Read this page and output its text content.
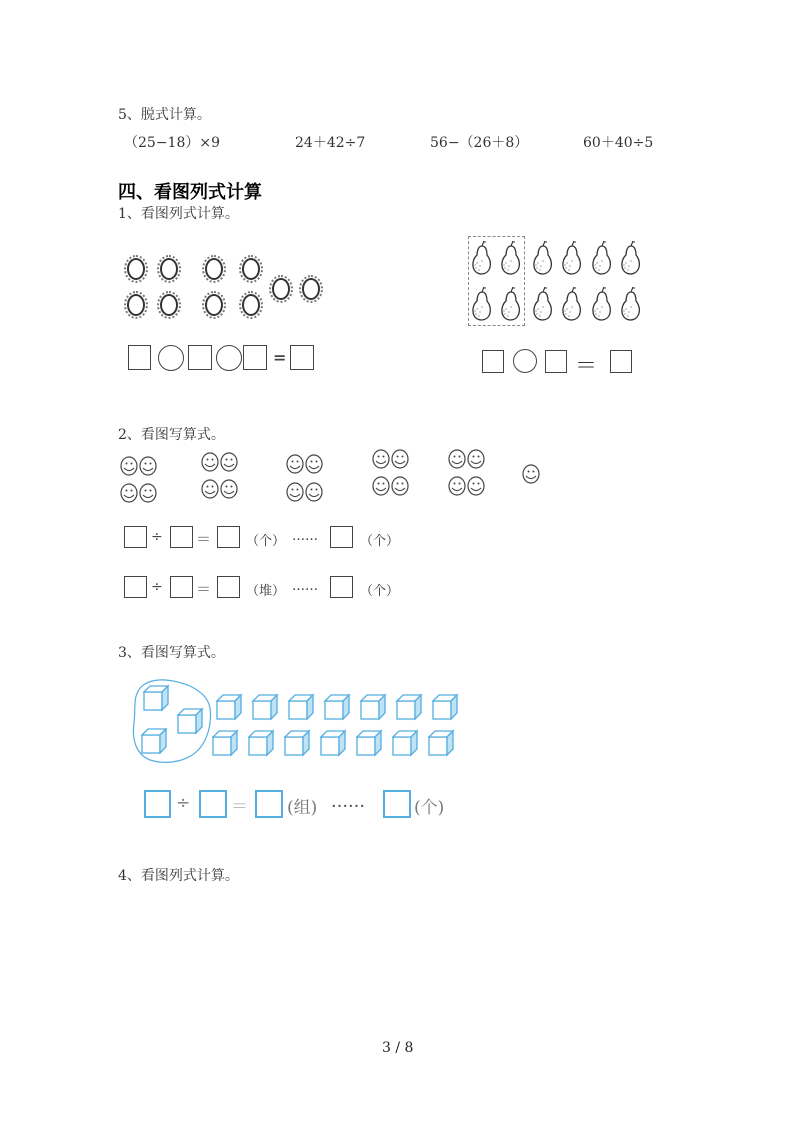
5、脱式计算。
（25−18）×9	24＋42÷7	56−（26＋8）	60＋40÷5
四、看图列式计算
1、看图列式计算。
=	＝
2、看图写算式。
÷ ＝	（个） ……	（个）
÷ ＝	（堆） ……	（个）
3、看图写算式。
÷ ＝ (组) ……	(个)
4、看图列式计算。
3 / 8
